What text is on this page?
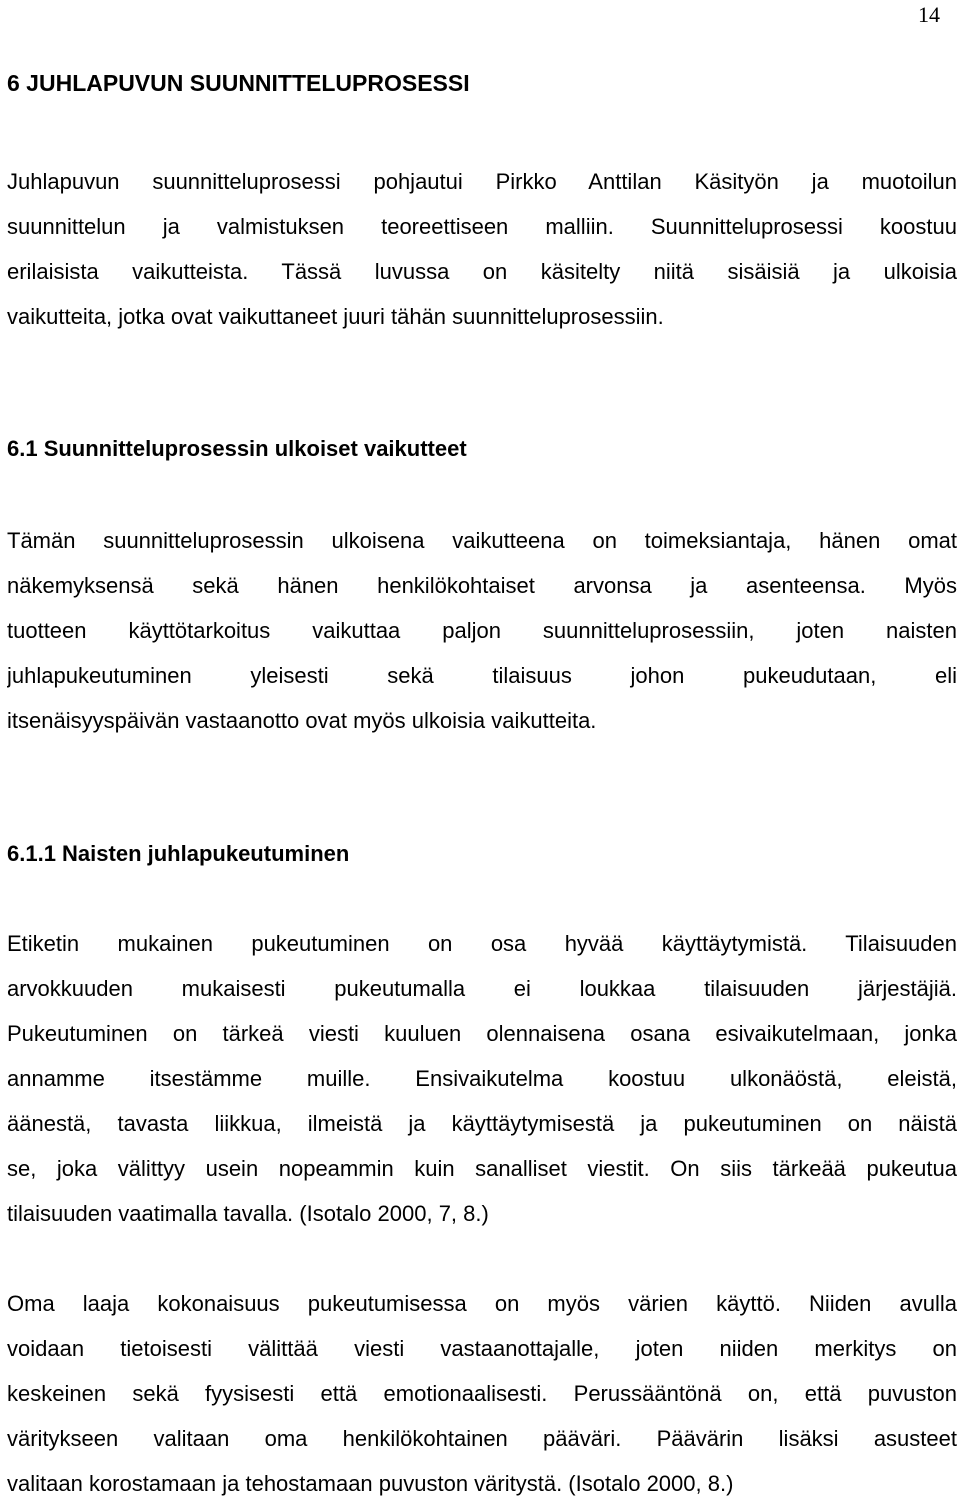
14
6 JUHLAPUVUN SUUNNITTELUPROSESSI

Juhlapuvun suunnitteluprosessi pohjautui Pirkko Anttilan Käsityön ja muotoilun
suunnittelun ja valmistuksen teoreettiseen malliin. Suunnitteluprosessi koostuu
erilaisista vaikutteista. Tässä luvussa on käsitelty niitä sisäisiä ja ulkoisia
vaikutteita, jotka ovat vaikuttaneet juuri tähän suunnitteluprosessiin.

6.1 Suunnitteluprosessin ulkoiset vaikutteet

Tämän suunnitteluprosessin ulkoisena vaikutteena on toimeksiantaja, hänen omat
näkemyksensä sekä hänen henkilökohtaiset arvonsa ja asenteensa. Myös
tuotteen käyttötarkoitus vaikuttaa paljon suunnitteluprosessiin, joten naisten
juhlapukeutuminen yleisesti sekä tilaisuus johon pukeudutaan, eli
itsenäisyyspäivän vastaanotto ovat myös ulkoisia vaikutteita.

6.1.1 Naisten juhlapukeutuminen

Etiketin mukainen pukeutuminen on osa hyvää käyttäytymistä. Tilaisuuden
arvokkuuden mukaisesti pukeutumalla ei loukkaa tilaisuuden järjestäjiä.
Pukeutuminen on tärkeä viesti kuuluen olennaisena osana esivaikutelmaan, jonka
annamme itsestämme muille. Ensivaikutelma koostuu ulkonäöstä, eleistä,
äänestä, tavasta liikkua, ilmeistä ja käyttäytymisestä ja pukeutuminen on näistä
se, joka välittyy usein nopeammin kuin sanalliset viestit. On siis tärkeää pukeutua
tilaisuuden vaatimalla tavalla. (Isotalo 2000, 7, 8.)

Oma laaja kokonaisuus pukeutumisessa on myös värien käyttö. Niiden avulla
voidaan tietoisesti välittää viesti vastaanottajalle, joten niiden merkitys on
keskeinen sekä fyysisesti että emotionaalisesti. Perussääntönä on, että puvuston
väritykseen valitaan oma henkilökohtainen pääväri. Päävärin lisäksi asusteet
valitaan korostamaan ja tehostamaan puvuston väritystä. (Isotalo 2000, 8.)
